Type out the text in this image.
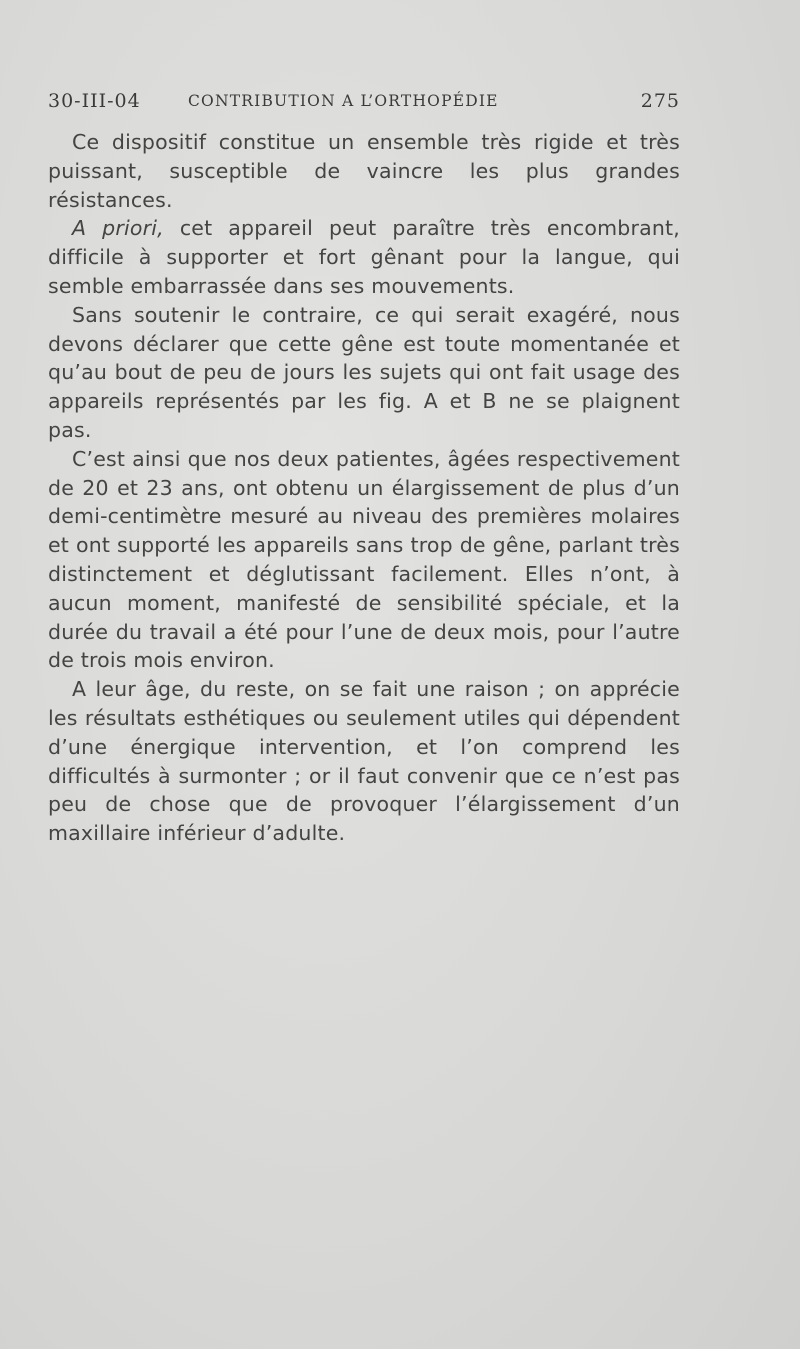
30-III-04	CONTRIBUTION A L’ORTHOPÉDIE	275

Ce dispositif constitue un ensemble très rigide et très puissant, susceptible de vaincre les plus grandes résistances.

A priori, cet appareil peut paraître très encombrant, difficile à supporter et fort gênant pour la langue, qui semble embarrassée dans ses mouvements.

Sans soutenir le contraire, ce qui serait exagéré, nous devons déclarer que cette gêne est toute momentanée et qu’au bout de peu de jours les sujets qui ont fait usage des appareils représentés par les fig. A et B ne se plaignent pas.

C’est ainsi que nos deux patientes, âgées respectivement de 20 et 23 ans, ont obtenu un élargissement de plus d’un demi-centimètre mesuré au niveau des premières molaires et ont supporté les appareils sans trop de gêne, parlant très distinctement et déglutissant facilement. Elles n’ont, à aucun moment, manifesté de sensibilité spéciale, et la durée du travail a été pour l’une de deux mois, pour l’autre de trois mois environ.

A leur âge, du reste, on se fait une raison ; on apprécie les résultats esthétiques ou seulement utiles qui dépendent d’une énergique intervention, et l’on comprend les difficultés à surmonter ; or il faut convenir que ce n’est pas peu de chose que de provoquer l’élargissement d’un maxillaire inférieur d’adulte.
